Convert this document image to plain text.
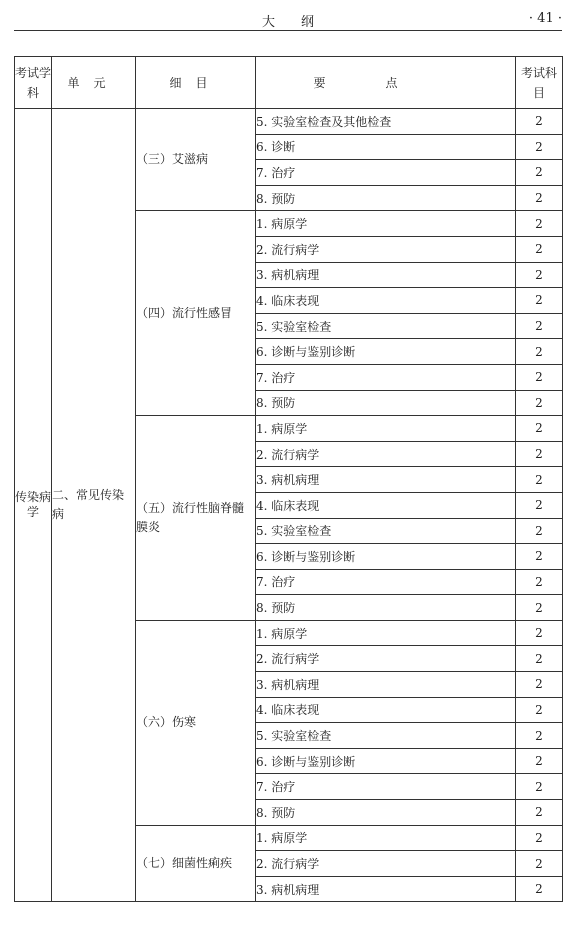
大纲	· 41 ·
考试学科	单元	细目	要点	考试科目
传染病学	二、常见传染病	（三）艾滋病	5. 实验室检查及其他检查	2
			6. 诊断	2
			7. 治疗	2
			8. 预防	2
		（四）流行性感冒	1. 病原学	2
			2. 流行病学	2
			3. 病机病理	2
			4. 临床表现	2
			5. 实验室检查	2
			6. 诊断与鉴别诊断	2
			7. 治疗	2
			8. 预防	2
		（五）流行性脑脊髓膜炎	1. 病原学	2
			2. 流行病学	2
			3. 病机病理	2
			4. 临床表现	2
			5. 实验室检查	2
			6. 诊断与鉴别诊断	2
			7. 治疗	2
			8. 预防	2
		（六）伤寒	1. 病原学	2
			2. 流行病学	2
			3. 病机病理	2
			4. 临床表现	2
			5. 实验室检查	2
			6. 诊断与鉴别诊断	2
			7. 治疗	2
			8. 预防	2
		（七）细菌性痢疾	1. 病原学	2
			2. 流行病学	2
			3. 病机病理	2
